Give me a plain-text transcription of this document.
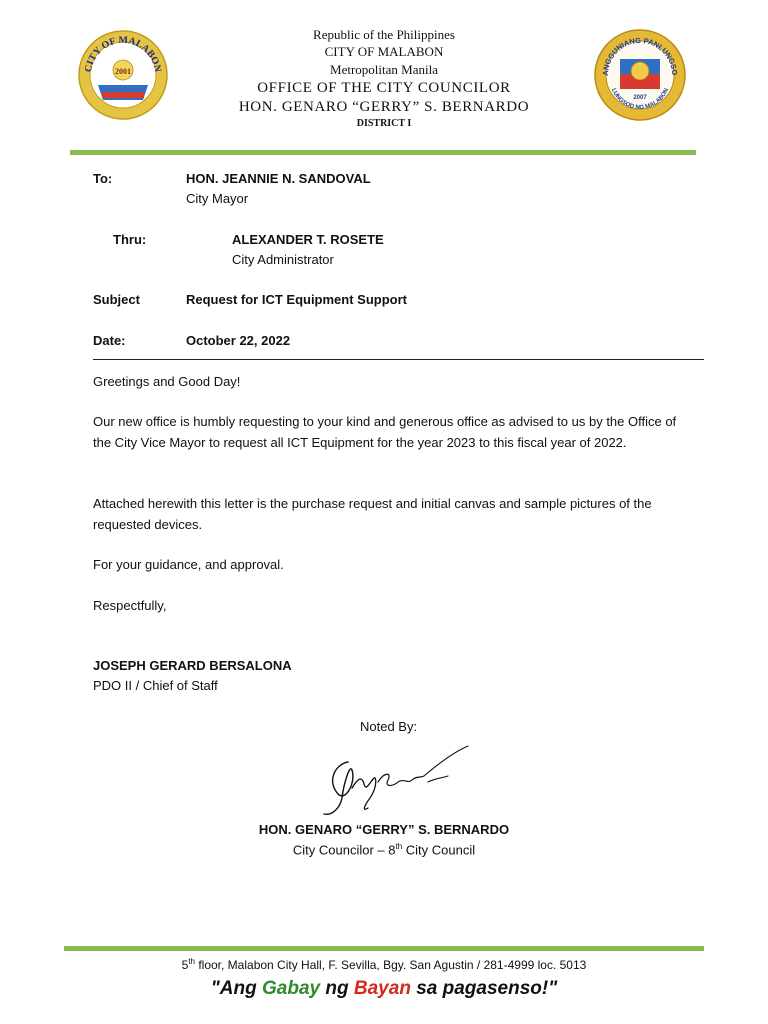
CITY OF MALABON
2001	ANGGUNIANG PANLUNGSO
LUNGSOD NG MALABON
2007
Republic of the Philippines
CITY OF MALABON
Metropolitan Manila
OFFICE OF THE CITY COUNCILOR
HON. GENARO “GERRY” S. BERNARDO
DISTRICT I
To:	HON. JEANNIE N. SANDOVAL
City Mayor
Thru:	ALEXANDER T. ROSETE
City Administrator
Subject	Request for ICT Equipment Support
Date:	October 22, 2022
Greetings and Good Day!
Our new office is humbly requesting to your kind and generous office as advised to us by the Office of the City Vice Mayor to request all ICT Equipment for the year 2023 to this fiscal year of 2022.
Attached herewith this letter is the purchase request and initial canvas and sample pictures of the requested devices.
For your guidance, and approval.
Respectfully,
JOSEPH GERARD BERSALONA
PDO II / Chief of Staff
Noted By:
HON. GENARO “GERRY” S. BERNARDO
City Councilor – 8th City Council
5th floor, Malabon City Hall, F. Sevilla, Bgy. San Agustin / 281-4999 loc. 5013
"Ang Gabay ng Bayan sa pagasenso!"
